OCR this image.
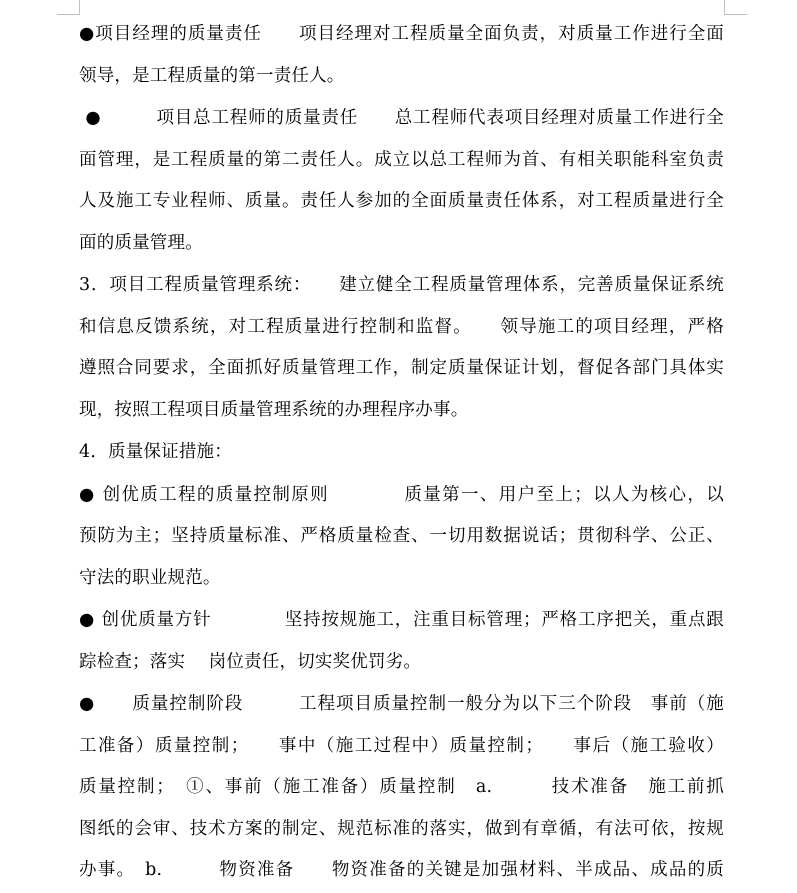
●项目经理的质量责任　　项目经理对工程质量全面负责，对质量工作进行全面
领导，是工程质量的第一责任人。
●　　　项目总工程师的质量责任　　总工程师代表项目经理对质量工作进行全
面管理，是工程质量的第二责任人。成立以总工程师为首、有相关职能科室负责
人及施工专业程师、质量。责任人参加的全面质量责任体系，对工程质量进行全
面的质量管理。
3．项目工程质量管理系统：　　建立健全工程质量管理体系，完善质量保证系统
和信息反馈系统，对工程质量进行控制和监督。　　领导施工的项目经理，严格
遵照合同要求，全面抓好质量管理工作，制定质量保证计划，督促各部门具体实
现，按照工程项目质量管理系统的办理程序办事。
4．质量保证措施：
● 创优质工程的质量控制原则　　　　质量第一、用户至上；以人为核心，以
预防为主；坚持质量标准、严格质量检查、一切用数据说话；贯彻科学、公正、
守法的职业规范。
● 创优质量方针　　　　坚持按规施工，注重目标管理；严格工序把关，重点跟
踪检查；落实　 岗位责任，切实奖优罚劣。
●　　质量控制阶段　　　工程项目质量控制一般分为以下三个阶段　事前（施
工准备）质量控制；　　事中（施工过程中）质量控制；　　事后（施工验收）
质量控制；　①、事前（施工准备）质量控制　a.　　　技术准备　施工前抓
图纸的会审、技术方案的制定、规范标准的落实，做到有章循，有法可依，按规
办事。　b.　　　物资准备　　物资准备的关键是加强材料、半成品、成品的质
